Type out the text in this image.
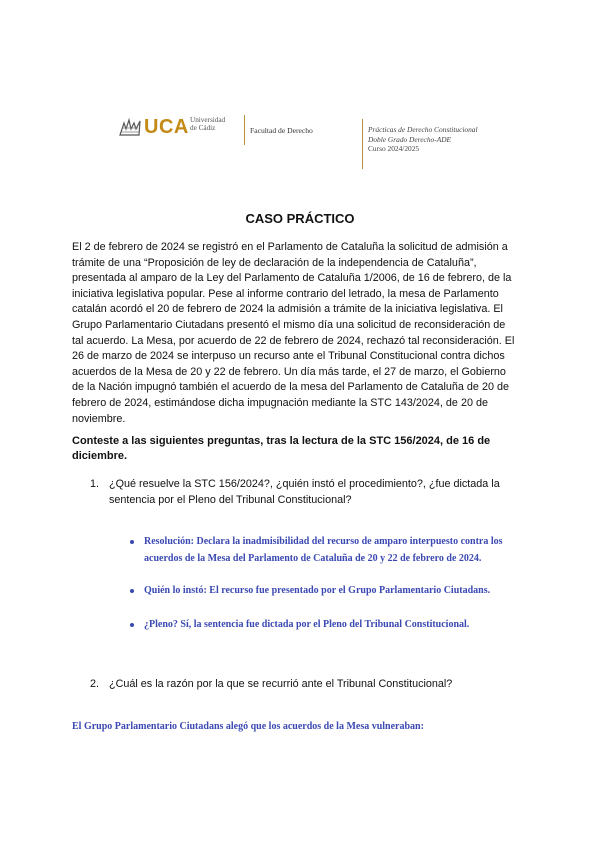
UCA Universidad
de Cádiz	Facultad de Derecho	Prácticas de Derecho Constitucional
Doble Grado Derecho-ADE
Curso 2024/2025
CASO PRÁCTICO
El 2 de febrero de 2024 se registró en el Parlamento de Cataluña la solicitud de admisión a
trámite de una “Proposición de ley de declaración de la independencia de Cataluña”,
presentada al amparo de la Ley del Parlamento de Cataluña 1/2006, de 16 de febrero, de la
iniciativa legislativa popular. Pese al informe contrario del letrado, la mesa de Parlamento
catalán acordó el 20 de febrero de 2024 la admisión a trámite de la iniciativa legislativa. El
Grupo Parlamentario Ciutadans presentó el mismo día una solicitud de reconsideración de
tal acuerdo. La Mesa, por acuerdo de 22 de febrero de 2024, rechazó tal reconsideración. El
26 de marzo de 2024 se interpuso un recurso ante el Tribunal Constitucional contra dichos
acuerdos de la Mesa de 20 y 22 de febrero. Un día más tarde, el 27 de marzo, el Gobierno
de la Nación impugnó también el acuerdo de la mesa del Parlamento de Cataluña de 20 de
febrero de 2024, estimándose dicha impugnación mediante la STC 143/2024, de 20 de
noviembre.
Conteste a las siguientes preguntas, tras la lectura de la STC 156/2024, de 16 de
diciembre.
1. ¿Qué resuelve la STC 156/2024?, ¿quién instó el procedimiento?, ¿fue dictada la
sentencia por el Pleno del Tribunal Constitucional?
Resolución: Declara la inadmisibilidad del recurso de amparo interpuesto contra los
acuerdos de la Mesa del Parlamento de Cataluña de 20 y 22 de febrero de 2024.
Quién lo instó: El recurso fue presentado por el Grupo Parlamentario Ciutadans.
¿Pleno? Sí, la sentencia fue dictada por el Pleno del Tribunal Constitucional.
2. ¿Cuál es la razón por la que se recurrió ante el Tribunal Constitucional?
El Grupo Parlamentario Ciutadans alegó que los acuerdos de la Mesa vulneraban:
